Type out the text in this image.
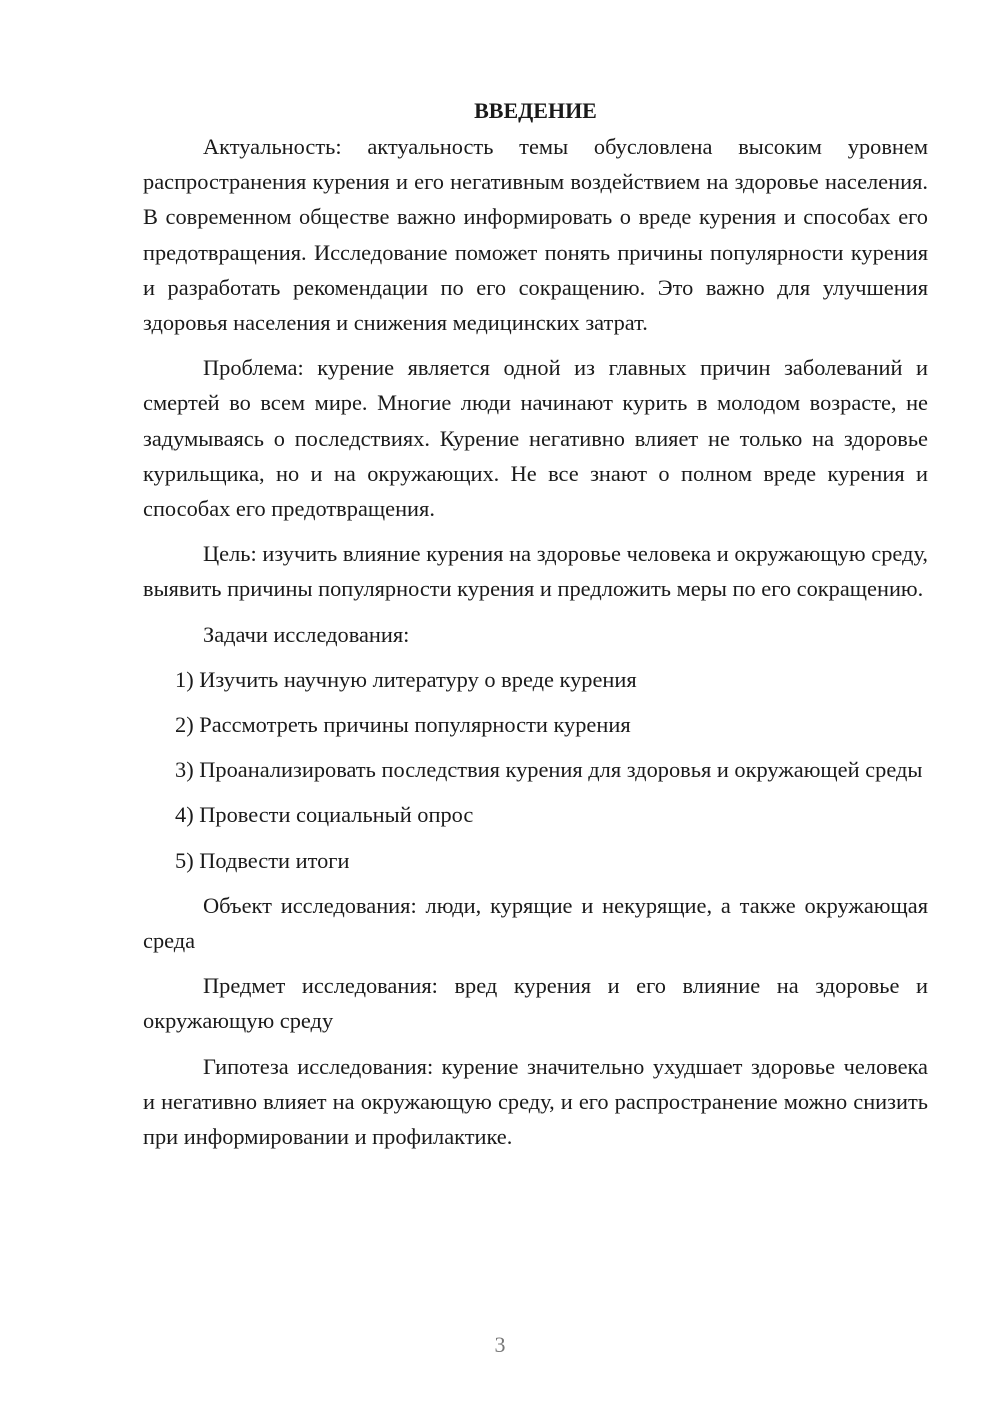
ВВЕДЕНИЕ

Актуальность: актуальность темы обусловлена высоким уровнем распространения курения и его негативным воздействием на здоровье населения. В современном обществе важно информировать о вреде курения и способах его предотвращения. Исследование поможет понять причины популярности курения и разработать рекомендации по его сокращению. Это важно для улучшения здоровья населения и снижения медицинских затрат.

Проблема: курение является одной из главных причин заболеваний и смертей во всем мире. Многие люди начинают курить в молодом возрасте, не задумываясь о последствиях. Курение негативно влияет не только на здоровье курильщика, но и на окружающих. Не все знают о полном вреде курения и способах его предотвращения.

Цель: изучить влияние курения на здоровье человека и окружающую среду, выявить причины популярности курения и предложить меры по его сокращению.

Задачи исследования:

1) Изучить научную литературу о вреде курения

2) Рассмотреть причины популярности курения

3) Проанализировать последствия курения для здоровья и окружающей среды

4) Провести социальный опрос

5) Подвести итоги

Объект исследования: люди, курящие и некурящие, а также окружающая среда

Предмет исследования: вред курения и его влияние на здоровье и окружающую среду

Гипотеза исследования: курение значительно ухудшает здоровье человека и негативно влияет на окружающую среду, и его распространение можно снизить при информировании и профилактике.

3
